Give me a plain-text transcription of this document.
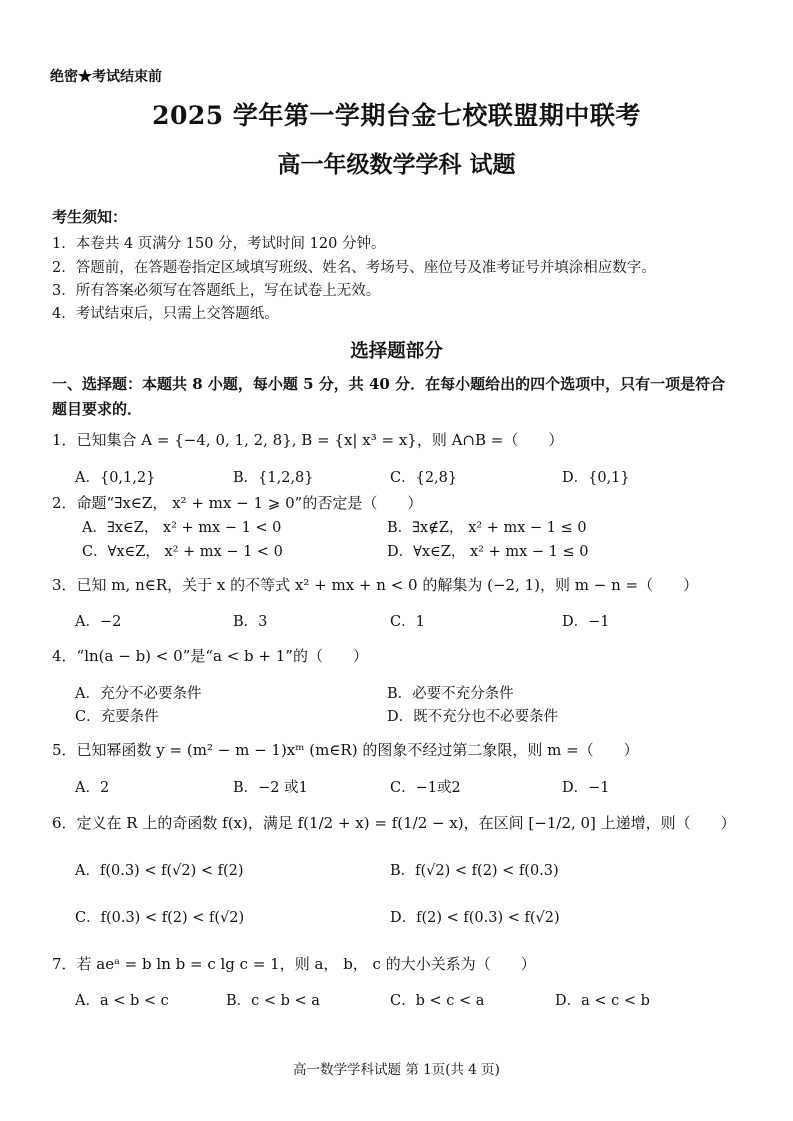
绝密★考试结束前
2025 学年第一学期台金七校联盟期中联考
高一年级数学学科 试题
考生须知：
1．本卷共 4 页满分 150 分，考试时间 120 分钟。
2．答题前，在答题卷指定区域填写班级、姓名、考场号、座位号及准考证号并填涂相应数字。
3．所有答案必须写在答题纸上，写在试卷上无效。
4．考试结束后，只需上交答题纸。
选择题部分
一、选择题：本题共 8 小题，每小题 5 分，共 40 分．在每小题给出的四个选项中，只有一项是符合
题目要求的．
1．已知集合 A = {−4, 0, 1, 2, 8}, B = {x| x³ = x}，则 A∩B =（　　）
A．{0,1,2}	B．{1,2,8}	C．{2,8}	D．{0,1}
2．命题“∃x∈Z， x² + mx − 1 ⩾ 0”的否定是（　　）
A．∃x∈Z， x² + mx − 1 < 0	B．∃x∉Z， x² + mx − 1 ≤ 0
C．∀x∈Z， x² + mx − 1 < 0	D．∀x∈Z， x² + mx − 1 ≤ 0
3．已知 m, n∈R，关于 x 的不等式 x² + mx + n < 0 的解集为 (−2, 1)，则 m − n =（　　）
A．−2	B．3	C．1	D．−1
4．“ln(a − b) < 0”是“a < b + 1”的（　　）
A．充分不必要条件	B．必要不充分条件
C．充要条件	D．既不充分也不必要条件
5．已知幂函数 y = (m² − m − 1)xᵐ (m∈R) 的图象不经过第二象限，则 m =（　　）
A．2	B．−2 或1	C．−1或2	D．−1
6．定义在 R 上的奇函数 f(x)，满足 f(1/2 + x) = f(1/2 − x)，在区间 [−1/2, 0] 上递增，则（　　）
A．f(0.3) < f(√2) < f(2)	B．f(√2) < f(2) < f(0.3)
C．f(0.3) < f(2) < f(√2)	D．f(2) < f(0.3) < f(√2)
7．若 aeᵃ = b ln b = c lg c = 1，则 a， b， c 的大小关系为（　　）
A．a < b < c	B．c < b < a	C．b < c < a	D．a < c < b
高一数学学科试题 第 1页(共 4 页)
